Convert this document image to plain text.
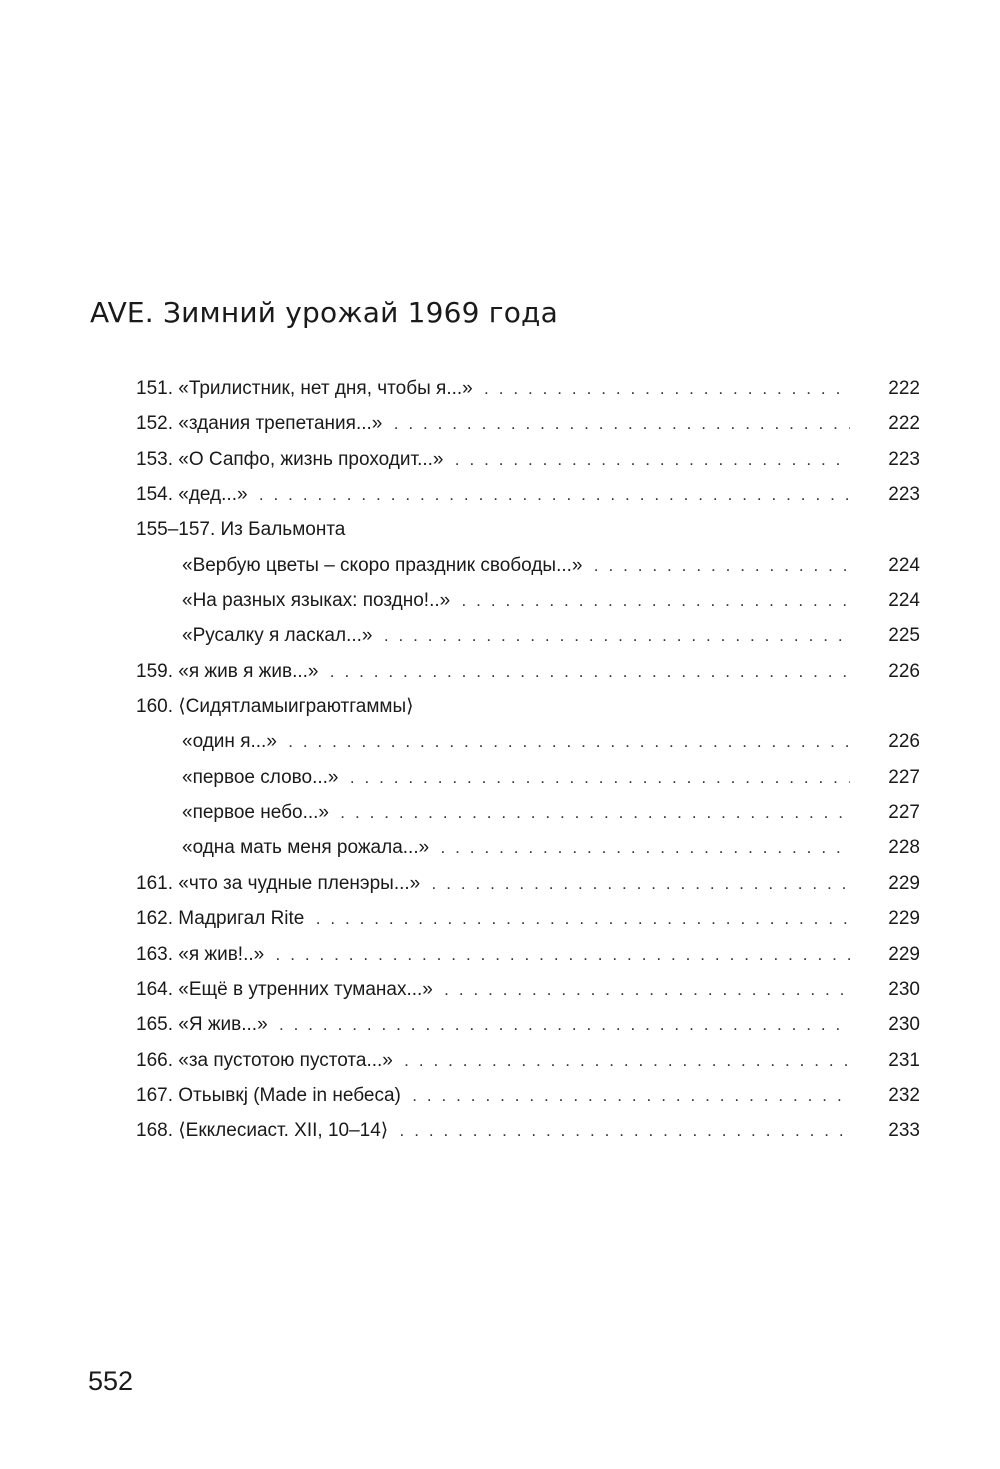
AVE. Зимний урожай 1969 года
151. «Трилистник, нет дня, чтобы я...» . . .	222
152. «здания трепетания...» . . .	222
153. «О Сапфо, жизнь проходит...» . . .	223
154. «дед...» . . .	223
155–157. Из Бальмонта
«Вербую цветы – скоро праздник свободы...» . . .	224
«На разных языках: поздно!..» . . .	224
«Русалку я ласкал...» . . .	225
159. «я жив я жив...» . . .	226
160. ⟨Сидятламыиграютгаммы⟩
«один я...» . . .	226
«первое слово...» . . .	227
«первое небо...» . . .	227
«одна мать меня рожала...» . . .	228
161. «что за чудные пленэры...» . . .	229
162. Мадригал Rite . . .	229
163. «я жив!..» . . .	229
164. «Ещё в утренних туманах...» . . .	230
165. «Я жив...» . . .	230
166. «за пустотою пустота...» . . .	231
167. Отьывкj (Made in небеса) . . .	232
168. ⟨Екклесиаст. XII, 10–14⟩ . . .	233

552
